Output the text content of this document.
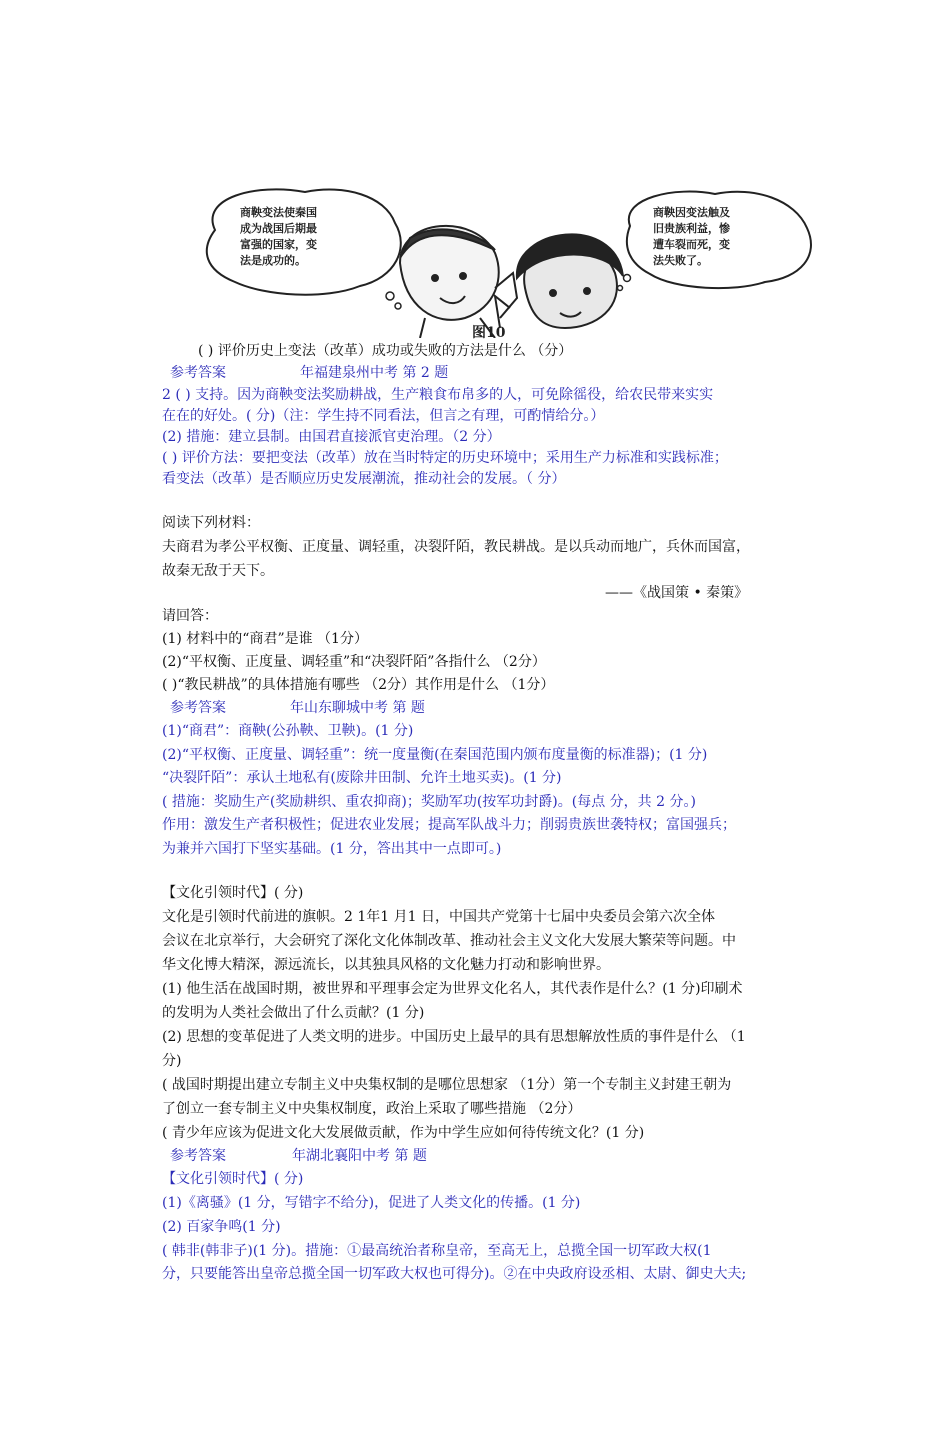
商鞅变法使秦国
成为战国后期最
富强的国家，变
法是成功的。
商鞅因变法触及
旧贵族利益，惨
遭车裂而死，变
法失败了。
图10
( ) 评价历史上变法（改革）成功或失败的方法是什么 （分）
参考答案	年福建泉州中考 第 2 题
2 ( ) 支持。因为商鞅变法奖励耕战，生产粮食布帛多的人，可免除徭役，给农民带来实实
在在的好处。( 分)（注：学生持不同看法，但言之有理，可酌情给分。）
(2) 措施：建立县制。由国君直接派官吏治理。（2 分）
( ) 评价方法：要把变法（改革）放在当时特定的历史环境中；采用生产力标准和实践标准；
看变法（改革）是否顺应历史发展潮流，推动社会的发展。（ 分）
阅读下列材料：
夫商君为孝公平权衡、正度量、调轻重，决裂阡陌，教民耕战。是以兵动而地广，兵休而国富，
故秦无敌于天下。
——《战国策 • 秦策》
请回答：
(1) 材料中的“商君”是谁 （1分）
(2)“平权衡、正度量、调轻重”和“决裂阡陌”各指什么 （2分）
( )“教民耕战”的具体措施有哪些 （2分）其作用是什么 （1分）
参考答案	年山东聊城中考 第 题
(1)“商君”：商鞅(公孙鞅、卫鞅)。(1 分)
(2)“平权衡、正度量、调轻重”：统一度量衡(在秦国范围内颁布度量衡的标准器)；(1 分)
“决裂阡陌”：承认土地私有(废除井田制、允许土地买卖)。(1 分)
( 措施：奖励生产(奖励耕织、重农抑商)；奖励军功(按军功封爵)。(每点 分，共 2 分。)
作用：激发生产者积极性；促进农业发展；提高军队战斗力；削弱贵族世袭特权；富国强兵；
为兼并六国打下坚实基础。(1 分，答出其中一点即可。)
【文化引领时代】( 分)
文化是引领时代前进的旗帜。2 1年1 月1 日，中国共产党第十七届中央委员会第六次全体
会议在北京举行，大会研究了深化文化体制改革、推动社会主义文化大发展大繁荣等问题。中
华文化博大精深，源远流长，以其独具风格的文化魅力打动和影响世界。
(1) 他生活在战国时期，被世界和平理事会定为世界文化名人，其代表作是什么？(1 分)印刷术
的发明为人类社会做出了什么贡献？(1 分)
(2) 思想的变革促进了人类文明的进步。中国历史上最早的具有思想解放性质的事件是什么 （1
分)
( 战国时期提出建立专制主义中央集权制的是哪位思想家 （1分）第一个专制主义封建王朝为
了创立一套专制主义中央集权制度，政治上采取了哪些措施 （2分）
( 青少年应该为促进文化大发展做贡献，作为中学生应如何待传统文化？(1 分)
参考答案	年湖北襄阳中考 第 题
【文化引领时代】( 分)
(1)《离骚》(1 分，写错字不给分)，促进了人类文化的传播。(1 分)
(2) 百家争鸣(1 分)
( 韩非(韩非子)(1 分)。措施：①最高统治者称皇帝，至高无上，总揽全国一切军政大权(1
分，只要能答出皇帝总揽全国一切军政大权也可得分)。②在中央政府设丞相、太尉、御史大夫;
